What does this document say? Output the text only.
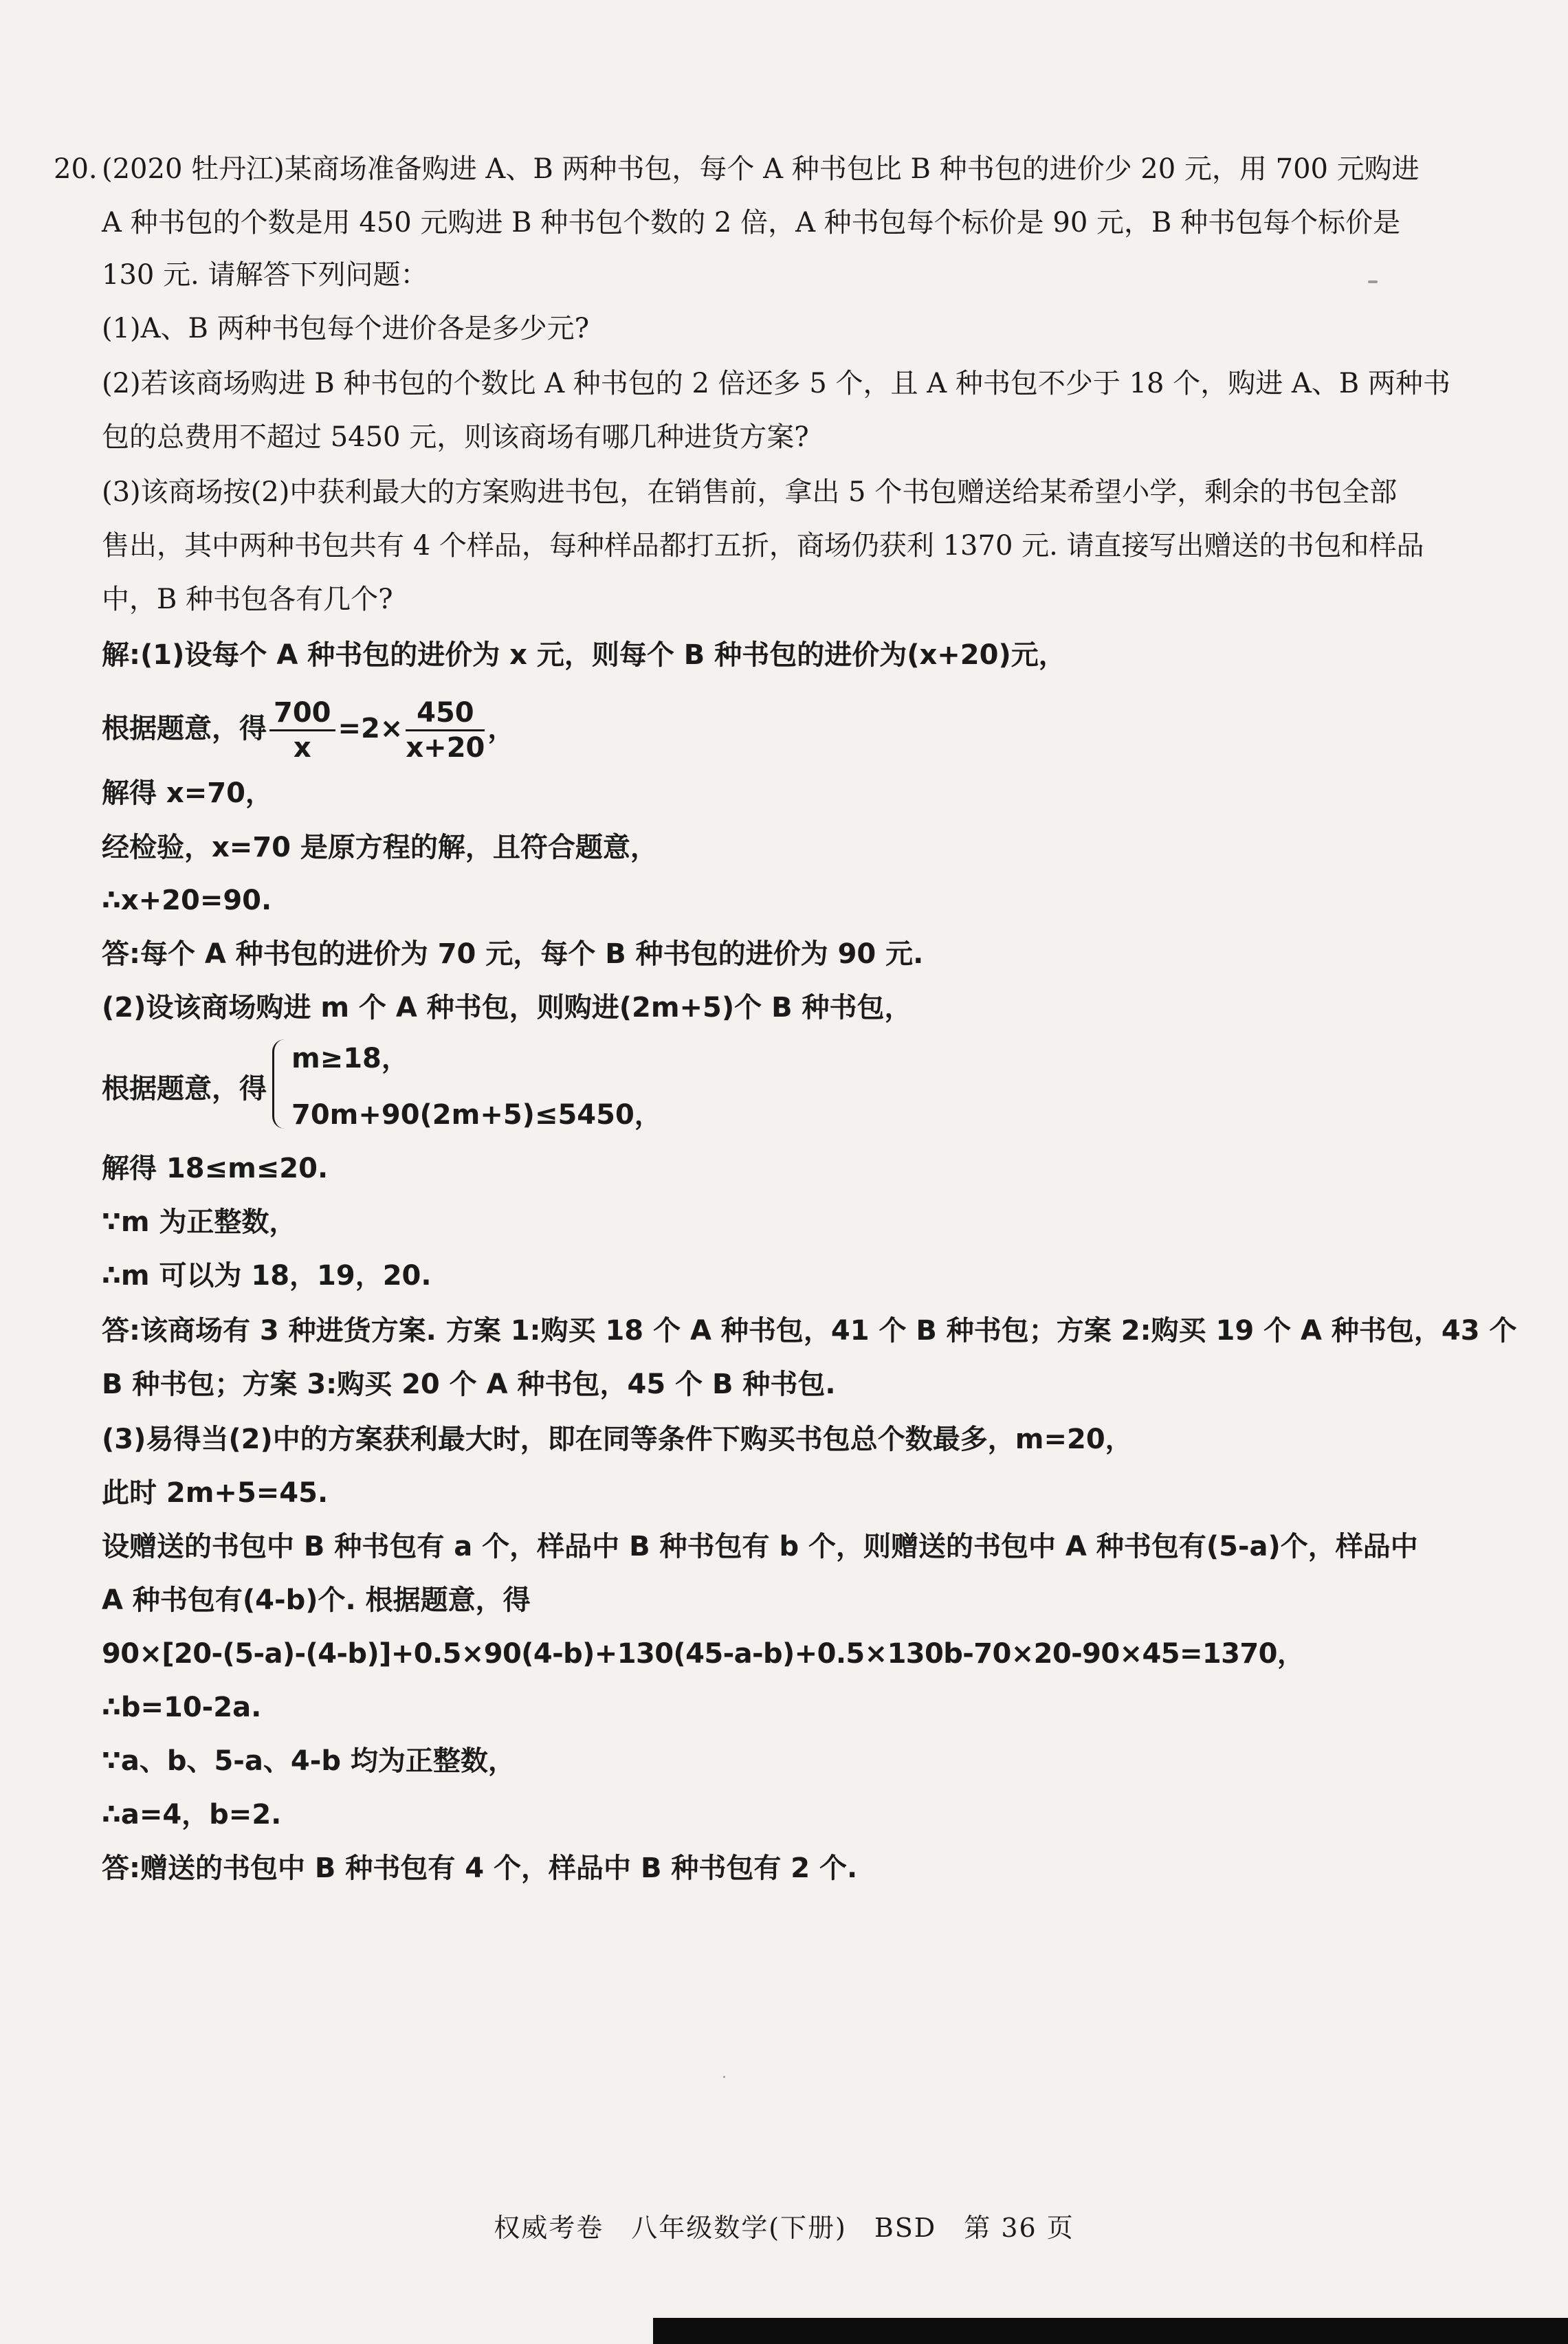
20. (2020 牡丹江)某商场准备购进 A、B 两种书包，每个 A 种书包比 B 种书包的进价少 20 元，用 700 元购进
A 种书包的个数是用 450 元购进 B 种书包个数的 2 倍，A 种书包每个标价是 90 元，B 种书包每个标价是
130 元. 请解答下列问题：
(1)A、B 两种书包每个进价各是多少元?
(2)若该商场购进 B 种书包的个数比 A 种书包的 2 倍还多 5 个，且 A 种书包不少于 18 个，购进 A、B 两种书
包的总费用不超过 5450 元，则该商场有哪几种进货方案?
(3)该商场按(2)中获利最大的方案购进书包，在销售前，拿出 5 个书包赠送给某希望小学，剩余的书包全部
售出，其中两种书包共有 4 个样品，每种样品都打五折，商场仍获利 1370 元. 请直接写出赠送的书包和样品
中，B 种书包各有几个?
解:(1)设每个 A 种书包的进价为 x 元，则每个 B 种书包的进价为(x+20)元，
根据题意，得 $\frac{700}{x} =2\times \frac{450}{x+20}$ ，
解得 x=70，
经检验，x=70 是原方程的解，且符合题意，
∴x+20=90.
答:每个 A 种书包的进价为 70 元，每个 B 种书包的进价为 90 元.
(2)设该商场购进 m 个 A 种书包，则购进(2m+5)个 B 种书包，
根据题意，得
m≥18，
70m+90(2m+5)≤5450，
解得 18≤m≤20.
∵m 为正整数，
∴m 可以为 18，19，20.
答:该商场有 3 种进货方案. 方案 1:购买 18 个 A 种书包，41 个 B 种书包；方案 2:购买 19 个 A 种书包，43 个
B 种书包；方案 3:购买 20 个 A 种书包，45 个 B 种书包.
(3)易得当(2)中的方案获利最大时，即在同等条件下购买书包总个数最多，m=20，
此时 2m+5=45.
设赠送的书包中 B 种书包有 a 个，样品中 B 种书包有 b 个，则赠送的书包中 A 种书包有(5-a)个，样品中
A 种书包有(4-b)个. 根据题意，得
90×[20-(5-a)-(4-b)]+0.5×90(4-b)+130(45-a-b)+0.5×130b-70×20-90×45=1370，
∴b=10-2a.
∵a、b、5-a、4-b 均为正整数，
∴a=4，b=2.
答:赠送的书包中 B 种书包有 4 个，样品中 B 种书包有 2 个.
权威考卷　八年级数学(下册)　BSD　第 36 页
